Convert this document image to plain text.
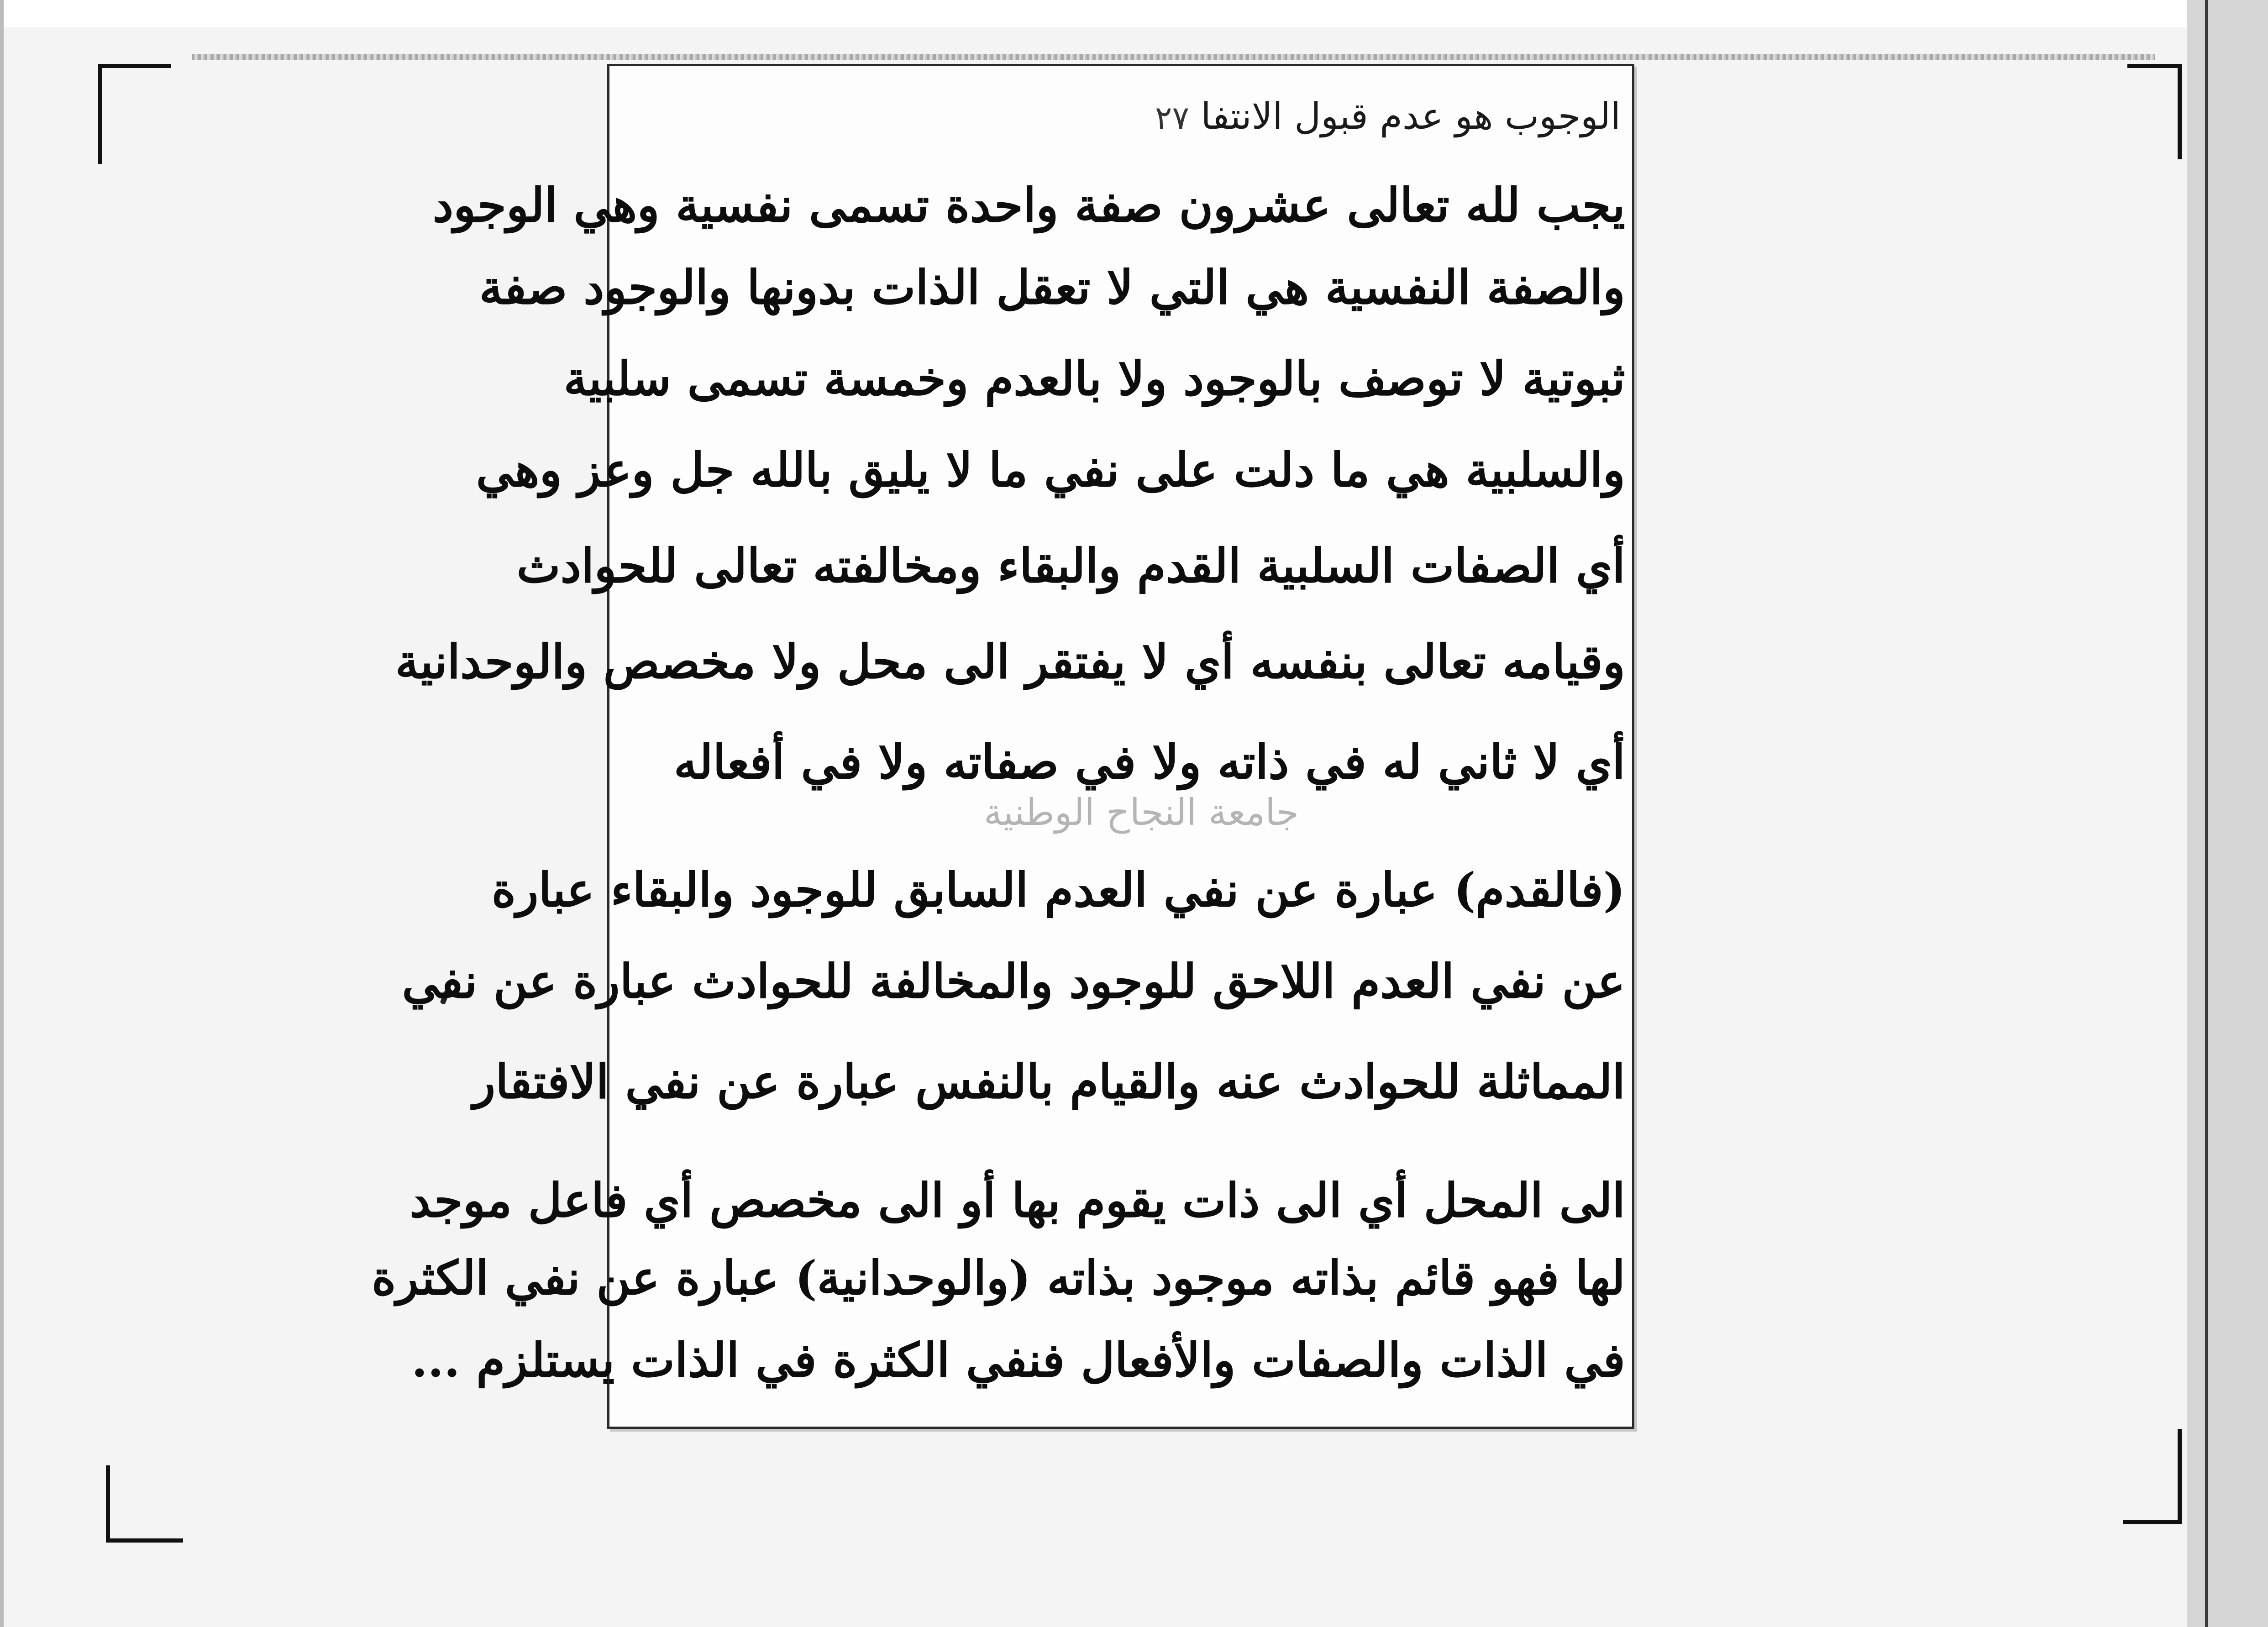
الوجوب هو عدم قبول الانتفا ٢٧
يجب لله تعالى عشرون صفة واحدة تسمى نفسية وهي الوجود
والصفة النفسية هي التي لا تعقل الذات بدونها والوجود صفة
ثبوتية لا توصف بالوجود ولا بالعدم وخمسة تسمى سلبية
والسلبية هي ما دلت على نفي ما لا يليق بالله جل وعز وهي
أي الصفات السلبية القدم والبقاء ومخالفته تعالى للحوادث
وقيامه تعالى بنفسه أي لا يفتقر الى محل ولا مخصص والوحدانية
أي لا ثاني له في ذاته ولا في صفاته ولا في أفعاله
جامعة النجاح الوطنية
(فالقدم) عبارة عن نفي العدم السابق للوجود والبقاء عبارة
عن نفي العدم اللاحق للوجود والمخالفة للحوادث عبارة عن نفي
المماثلة للحوادث عنه والقيام بالنفس عبارة عن نفي الافتقار
الى المحل أي الى ذات يقوم بها أو الى مخصص أي فاعل موجد
لها فهو قائم بذاته موجود بذاته (والوحدانية) عبارة عن نفي الكثرة
في الذات والصفات والأفعال فنفي الكثرة في الذات يستلزم ...
